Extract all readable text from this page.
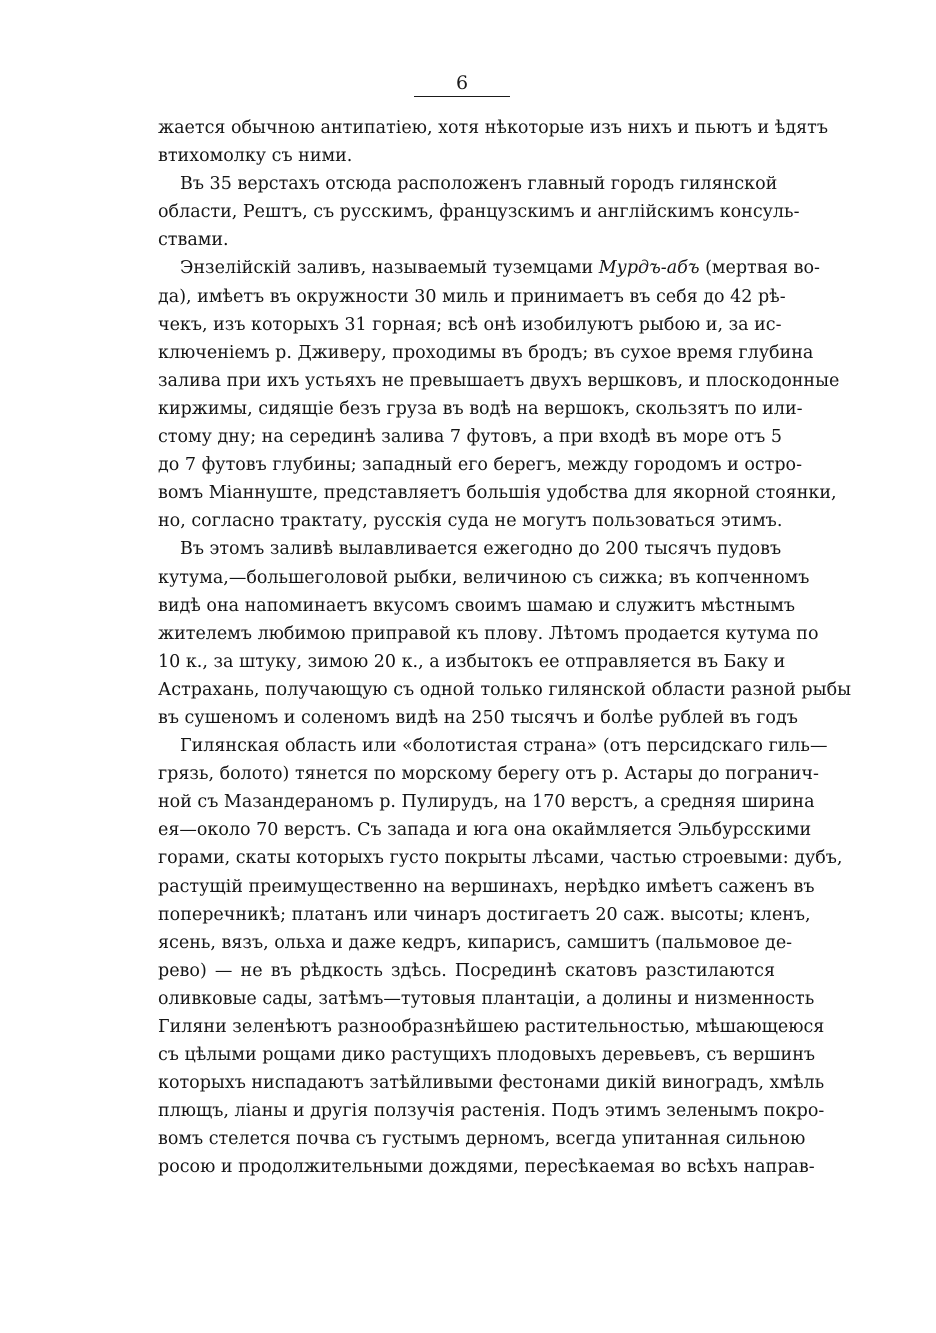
6
жается обычною антипатіею, хотя нѣкоторые изъ нихъ и пьютъ и ѣдятъ
втихомолку съ ними.
Въ 35 верстахъ отсюда расположенъ главный городъ гилянской
области, Рештъ, съ русскимъ, французскимъ и англійскимъ консуль-
ствами.
Энзелійскій заливъ, называемый туземцами Мурдъ-абъ (мертвая во-
да), имѣетъ въ окружности 30 миль и принимаетъ въ себя до 42 рѣ-
чекъ, изъ которыхъ 31 горная; всѣ онѣ изобилуютъ рыбою и, за ис-
ключеніемъ р. Дживеру, проходимы въ бродъ; въ сухое время глубина
залива при ихъ устьяхъ не превышаетъ двухъ вершковъ, и плоскодонные
киржимы, сидящіе безъ груза въ водѣ на вершокъ, скользятъ по или-
стому дну; на серединѣ залива 7 футовъ, а при входѣ въ море отъ 5
до 7 футовъ глубины; западный его берегъ, между городомъ и остро-
вомъ Міаннуште, представляетъ большія удобства для якорной стоянки,
но, согласно трактату, русскія суда не могутъ пользоваться этимъ.
Въ этомъ заливѣ вылавливается ежегодно до 200 тысячъ пудовъ
кутума,—большеголовой рыбки, величиною съ сижка; въ копченномъ
видѣ она напоминаетъ вкусомъ своимъ шамаю и служитъ мѣстнымъ
жителемъ любимою приправой къ плову. Лѣтомъ продается кутума по
10 к., за штуку, зимою 20 к., а избытокъ ее отправляется въ Баку и
Астрахань, получающую съ одной только гилянской области разной рыбы
въ сушеномъ и соленомъ видѣ на 250 тысячъ и болѣе рублей въ годъ
Гилянская область или «болотистая страна» (отъ персидскаго гиль—
грязь, болото) тянется по морскому берегу отъ р. Астары до погранич-
ной съ Мазандераномъ р. Пулирудъ, на 170 верстъ, а средняя ширина
ея—около 70 верстъ. Съ запада и юга она окаймляется Эльбурсскими
горами, скаты которыхъ густо покрыты лѣсами, частью строевыми: дубъ,
растущій преимущественно на вершинахъ, нерѣдко имѣетъ саженъ въ
поперечникѣ; платанъ или чинаръ достигаетъ 20 саж. высоты; кленъ,
ясень, вязъ, ольха и даже кедръ, кипарисъ, самшитъ (пальмовое де-
рево) — не въ рѣдкость здѣсь. Посрединѣ скатовъ разстилаются
оливковые сады, затѣмъ—тутовыя плантаціи, а долины и низменность
Гиляни зеленѣютъ разнообразнѣйшею растительностью, мѣшающеюся
съ цѣлыми рощами дико растущихъ плодовыхъ деревьевъ, съ вершинъ
которыхъ ниспадаютъ затѣйливыми фестонами дикій виноградъ, хмѣль
плющъ, ліаны и другія ползучія растенія. Подъ этимъ зеленымъ покро-
вомъ стелется почва съ густымъ дерномъ, всегда упитанная сильною
росою и продолжительными дождями, пересѣкаемая во всѣхъ направ-
